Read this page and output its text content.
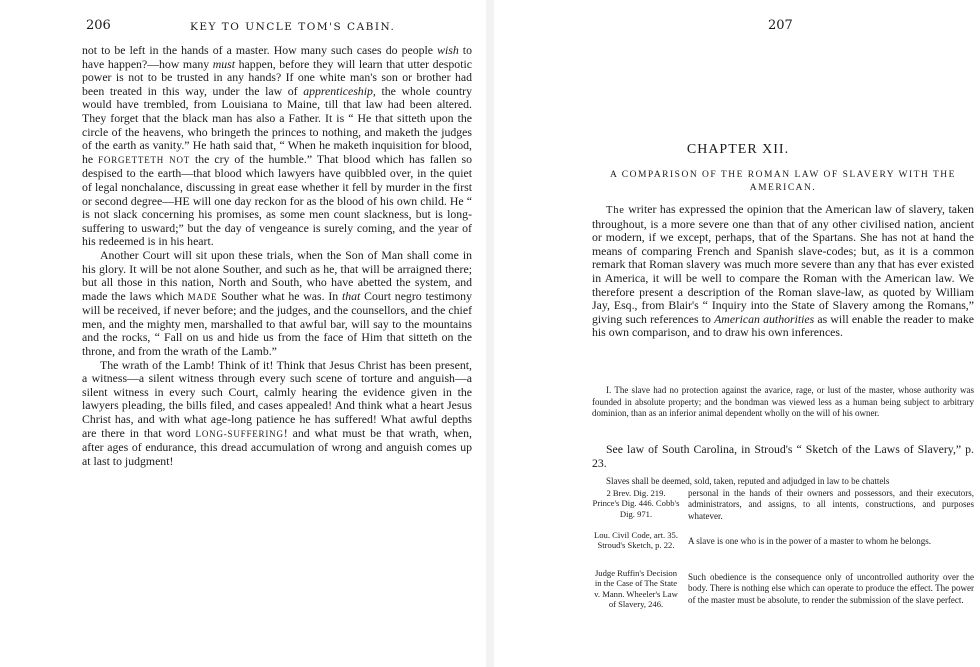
206	KEY TO UNCLE TOM'S CABIN.

not to be left in the hands of a master. How many such cases do people wish to have happen?—how many must happen, before they will learn that utter despotic power is not to be trusted in any hands? If one white man's son or brother had been treated in this way, under the law of apprenticeship, the whole country would have trembled, from Louisiana to Maine, till that law had been altered. They forget that the black man has also a Father. It is “ He that sitteth upon the circle of the heavens, who bringeth the princes to nothing, and maketh the judges of the earth as vanity.” He hath said that, “ When he maketh inquisition for blood, he FORGETTETH NOT the cry of the humble.” That blood which has fallen so despised to the earth—that blood which lawyers have quibbled over, in the quiet of legal nonchalance, discussing in great ease whether it fell by murder in the first or second degree—HE will one day reckon for as the blood of his own child. He “ is not slack concerning his promises, as some men count slackness, but is long-suffering to usward;” but the day of vengeance is surely coming, and the year of his redeemed is in his heart.

Another Court will sit upon these trials, when the Son of Man shall come in his glory. It will be not alone Souther, and such as he, that will be arraigned there; but all those in this nation, North and South, who have abetted the system, and made the laws which MADE Souther what he was. In that Court negro testimony will be received, if never before; and the judges, and the counsellors, and the chief men, and the mighty men, marshalled to that awful bar, will say to the mountains and the rocks, “ Fall on us and hide us from the face of Him that sitteth on the throne, and from the wrath of the Lamb.”

The wrath of the Lamb! Think of it! Think that Jesus Christ has been present, a witness—a silent witness through every such scene of torture and anguish—a silent witness in every such Court, calmly hearing the evidence given in the lawyers pleading, the bills filed, and cases appealed! And think what a heart Jesus Christ has, and with what age-long patience he has suffered! What awful depths are there in that word LONG-SUFFERING! and what must be that wrath, when, after ages of endurance, this dread accumulation of wrong and anguish comes up at last to judgment!

207
CHAPTER XII.
A COMPARISON OF THE ROMAN LAW OF SLAVERY WITH THE AMERICAN.

The writer has expressed the opinion that the American law of slavery, taken throughout, is a more severe one than that of any other civilised nation, ancient or modern, if we except, perhaps, that of the Spartans. She has not at hand the means of comparing French and Spanish slave-codes; but, as it is a common remark that Roman slavery was much more severe than any that has ever existed in America, it will be well to compare the Roman with the American law. We therefore present a description of the Roman slave-law, as quoted by William Jay, Esq., from Blair's “ Inquiry into the State of Slavery among the Romans,” giving such references to American authorities as will enable the reader to make his own comparison, and to draw his own inferences.

I. The slave had no protection against the avarice, rage, or lust of the master, whose authority was founded in absolute property; and the bondman was viewed less as a human being subject to arbitrary dominion, than as an inferior animal dependent wholly on the will of his owner.

See law of South Carolina, in Stroud's “ Sketch of the Laws of Slavery,” p. 23.

Slaves shall be deemed, sold, taken, reputed and adjudged in law to be chattels
2 Brev. Dig. 219. Prince's Dig. 446. Cobb's Dig. 971.
personal in the hands of their owners and possessors, and their executors, administrators, and assigns, to all intents, constructions, and purposes whatever.
Lou. Civil Code, art. 35. Stroud's Sketch, p. 22.	A slave is one who is in the power of a master to whom he belongs.
Judge Ruffin's Decision in the Case of The State v. Mann. Wheeler's Law of Slavery, 246.
Such obedience is the consequence only of uncontrolled authority over the body. There is nothing else which can operate to produce the effect. The power of the master must be absolute, to render the submission of the slave perfect.
